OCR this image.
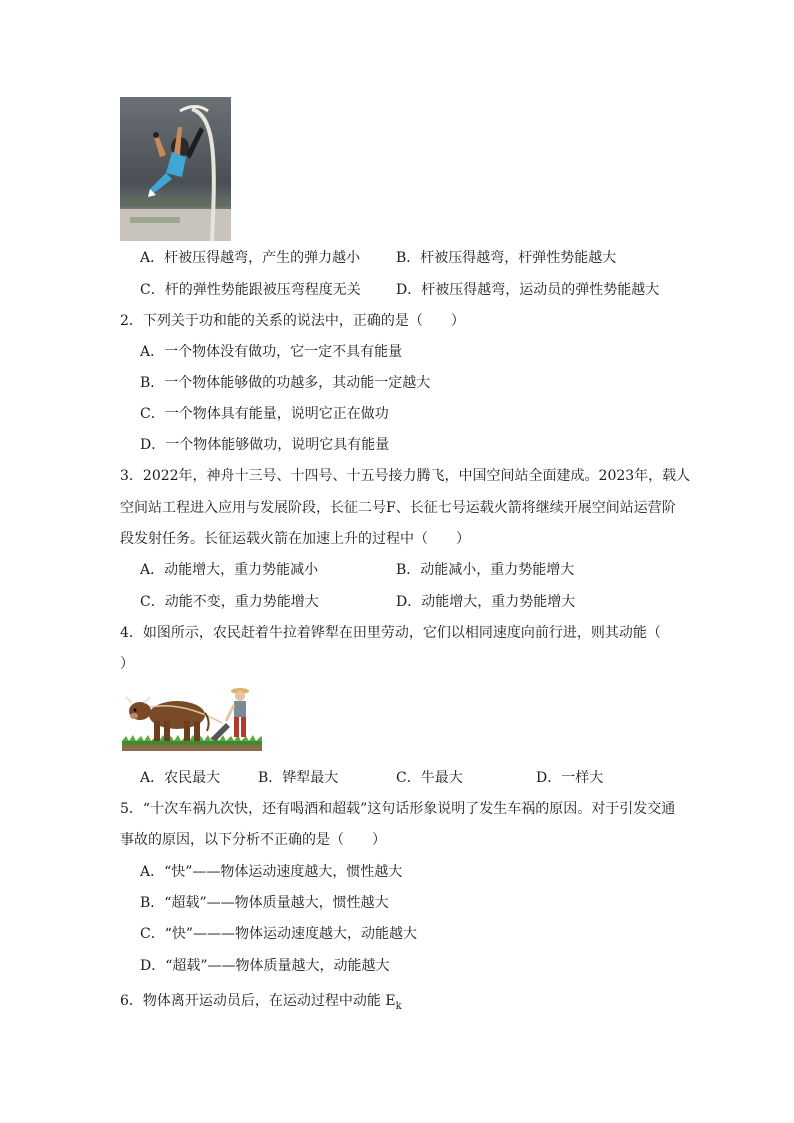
A．杆被压得越弯，产生的弹力越小	B．杆被压得越弯，杆弹性势能越大
C．杆的弹性势能跟被压弯程度无关	D．杆被压得越弯，运动员的弹性势能越大
2．下列关于功和能的关系的说法中，正确的是（　　）
A．一个物体没有做功，它一定不具有能量
B．一个物体能够做的功越多，其动能一定越大
C．一个物体具有能量，说明它正在做功
D．一个物体能够做功，说明它具有能量
3．2022年，神舟十三号、十四号、十五号接力腾飞，中国空间站全面建成。2023年，载人
空间站工程进入应用与发展阶段，长征二号F、长征七号运载火箭将继续开展空间站运营阶
段发射任务。长征运载火箭在加速上升的过程中（　　）
A．动能增大，重力势能减小	B．动能减小，重力势能增大
C．动能不变，重力势能增大	D．动能增大，重力势能增大
4．如图所示，农民赶着牛拉着铧犁在田里劳动，它们以相同速度向前行进，则其动能（
）
A．农民最大	B．铧犁最大	C．牛最大	D．一样大
5．“十次车祸九次快，还有喝酒和超载”这句话形象说明了发生车祸的原因。对于引发交通
事故的原因，以下分析不正确的是（　　）
A．“快”——物体运动速度越大，惯性越大
B．“超载”——物体质量越大，惯性越大
C．“快”———物体运动速度越大，动能越大
D．“超载”——物体质量越大，动能越大
6．物体离开运动员后，在运动过程中动能 $E_k$
